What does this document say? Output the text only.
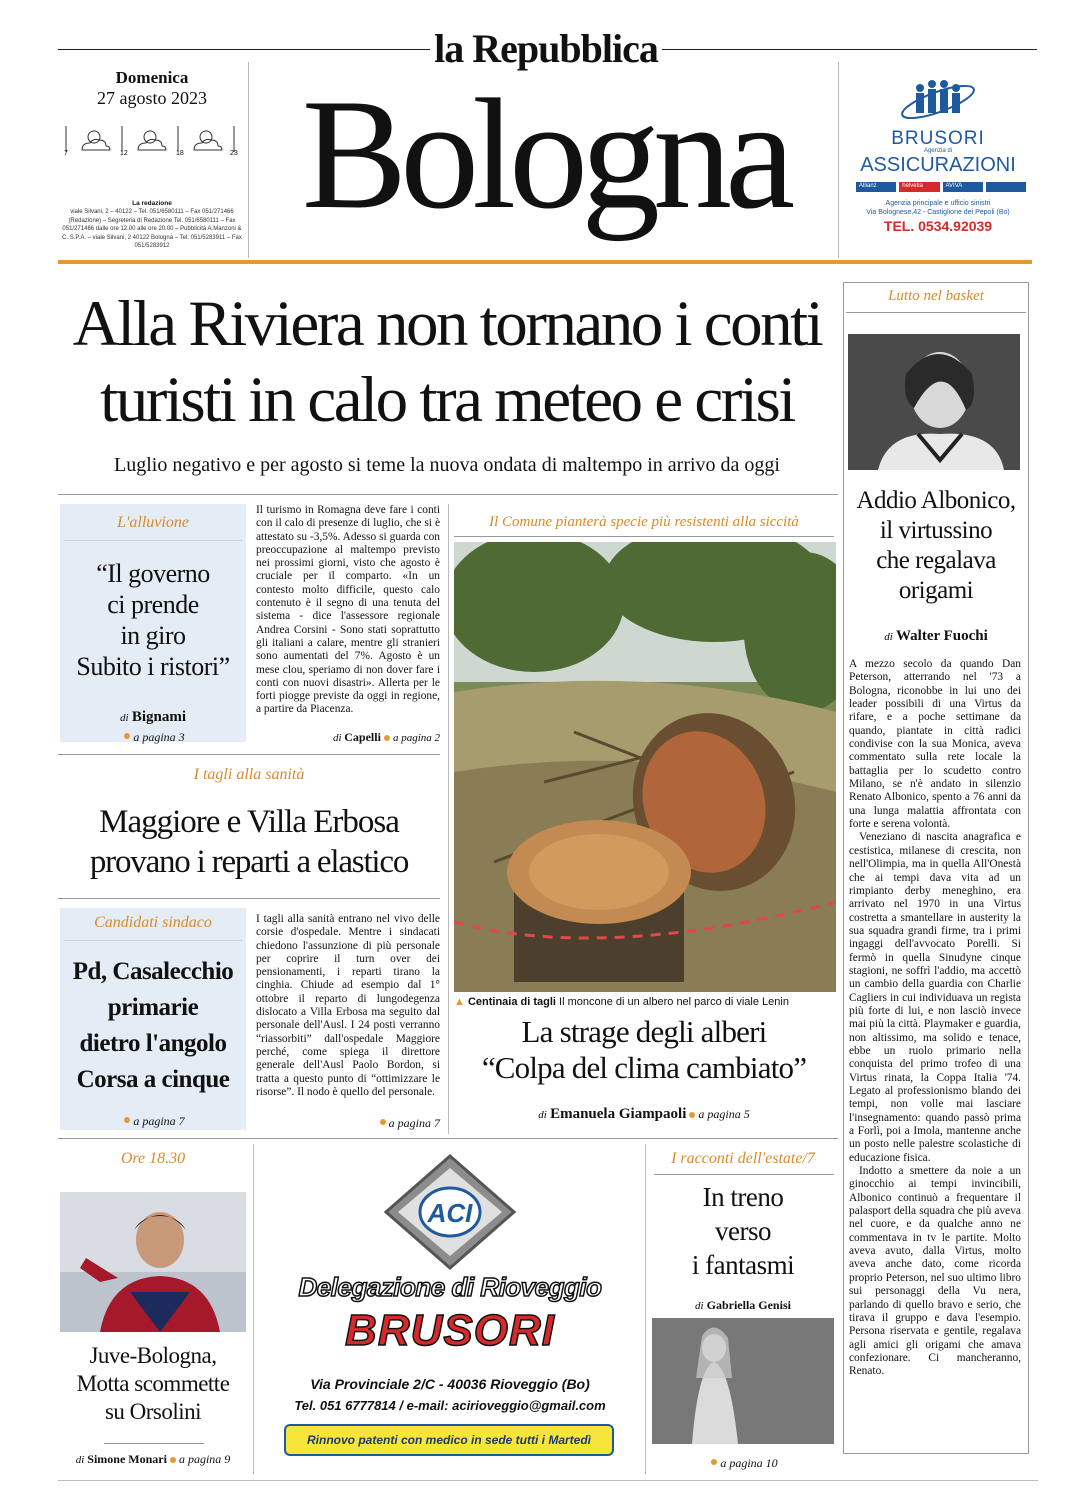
la Repubblica
Domenica
27 agosto 2023
7	12	18	23
La redazione
viale Silvani, 2 – 40122 – Tel. 051/6580111 – Fax 051/271466 (Redazione) – Segreteria di Redazione Tel. 051/6580111 – Fax 051/271466 dalle ore 12.00 alle ore 20.00 – Pubblicità A.Manzoni & C. S.P.A. – viale Silvani, 2 40122 Bologna – Tel. 051/5283911 – Fax 051/5283912
Bologna	BRUSORI
Agenzia di
ASSICURAZIONI
Allianz	helvetia	AVIVA
Agenzia principale e ufficio sinistri
Via Bolognese,42 - Castiglione dei Pepoli (Bo)
TEL. 0534.92039
Alla Riviera non tornano i conti
turisti in calo tra meteo e crisi
Luglio negativo e per agosto si teme la nuova ondata di maltempo in arrivo da oggi
L'alluvione
“Il governo
ci prende
in giro
Subito i ristori”
di Bignami
a pagina 3
Il turismo in Romagna deve fare i conti con il calo di presenze di luglio, che si è attestato su -3,5%. Adesso si guarda con preoccupazione al maltempo previsto nei prossimi giorni, visto che agosto è cruciale per il comparto. «In un contesto molto difficile, questo calo contenuto è il segno di una tenuta del sistema - dice l'assessore regionale Andrea Corsini - Sono stati soprattutto gli italiani a calare, mentre gli stranieri sono aumentati del 7%. Agosto è un mese clou, speriamo di non dover fare i conti con nuovi disastri». Allerta per le forti piogge previste da oggi in regione, a partire da Piacenza.
di Capelli a pagina 2
I tagli alla sanità
Maggiore e Villa Erbosa
provano i reparti a elastico
Candidati sindaco
Pd, Casalecchio
primarie
dietro l'angolo
Corsa a cinque
a pagina 7
I tagli alla sanità entrano nel vivo delle corsie d'ospedale. Mentre i sindacati chiedono l'assunzione di più personale per coprire il turn over dei pensionamenti, i reparti tirano la cinghia. Chiude ad esempio dal 1° ottobre il reparto di lungodegenza dislocato a Villa Erbosa ma seguito dal personale dell'Ausl. I 24 posti verranno “riassorbiti” dall'ospedale Maggiore perché, come spiega il direttore generale dell'Ausl Paolo Bordon, si tratta a questo punto di “ottimizzare le risorse”. Il nodo è quello del personale.
a pagina 7
Il Comune pianterà specie più resistenti alla siccità
▲ Centinaia di tagli Il moncone di un albero nel parco di viale Lenin
La strage degli alberi
“Colpa del clima cambiato”
di Emanuela Giampaoli a pagina 5
Lutto nel basket
Addio Albonico,
il virtussino
che regalava
origami
di Walter Fuochi

A mezzo secolo da quando Dan Peterson, atterrando nel '73 a Bologna, riconobbe in lui uno dei leader possibili di una Virtus da rifare, e a poche settimane da quando, piantate in città radici condivise con la sua Monica, aveva commentato sulla rete locale la battaglia per lo scudetto contro Milano, se n'è andato in silenzio Renato Albonico, spento a 76 anni da una lunga malattia affrontata con forte e serena volontà.

Veneziano di nascita anagrafica e cestistica, milanese di crescita, non nell'Olimpia, ma in quella All'Onestà che ai tempi dava vita ad un rimpianto derby meneghino, era arrivato nel 1970 in una Virtus costretta a smantellare in austerity la sua squadra grandi firme, tra i primi ingaggi dell'avvocato Porelli. Si fermò in quella Sinudyne cinque stagioni, ne soffrì l'addio, ma accettò un cambio della guardia con Charlie Cagliers in cui individuava un regista più forte di lui, e non lasciò invece mai più la città. Playmaker e guardia, non altissimo, ma solido e tenace, ebbe un ruolo primario nella conquista del primo trofeo di una Virtus rinata, la Coppa Italia '74. Legato al professionismo blando dei tempi, non volle mai lasciare l'insegnamento: quando passò prima a Forlì, poi a Imola, mantenne anche un posto nelle palestre scolastiche di educazione fisica.

Indotto a smettere da noie a un ginocchio ai tempi invincibili, Albonico continuò a frequentare il palasport della squadra che più aveva nel cuore, e da qualche anno ne commentava in tv le partite. Molto aveva avuto, dalla Virtus, molto aveva anche dato, come ricorda proprio Peterson, nel suo ultimo libro sui personaggi della Vu nera, parlando di quello bravo e serio, che tirava il gruppo e dava l'esempio. Persona riservata e gentile, regalava agli amici gli origami che amava confezionare. Ci mancheranno, Renato.

Ore 18.30
Juve-Bologna,
Motta scommette
su Orsolini
di Simone Monari a pagina 9
ACI
Delegazione di Rioveggio
BRUSORI
Via Provinciale 2/C - 40036 Rioveggio (Bo)
Tel. 051 6777814 / e-mail: acirioveggio@gmail.com
Rinnovo patenti con medico in sede tutti i Martedì
I racconti dell'estate/7
In treno
verso
i fantasmi
di Gabriella Genisi
a pagina 10
